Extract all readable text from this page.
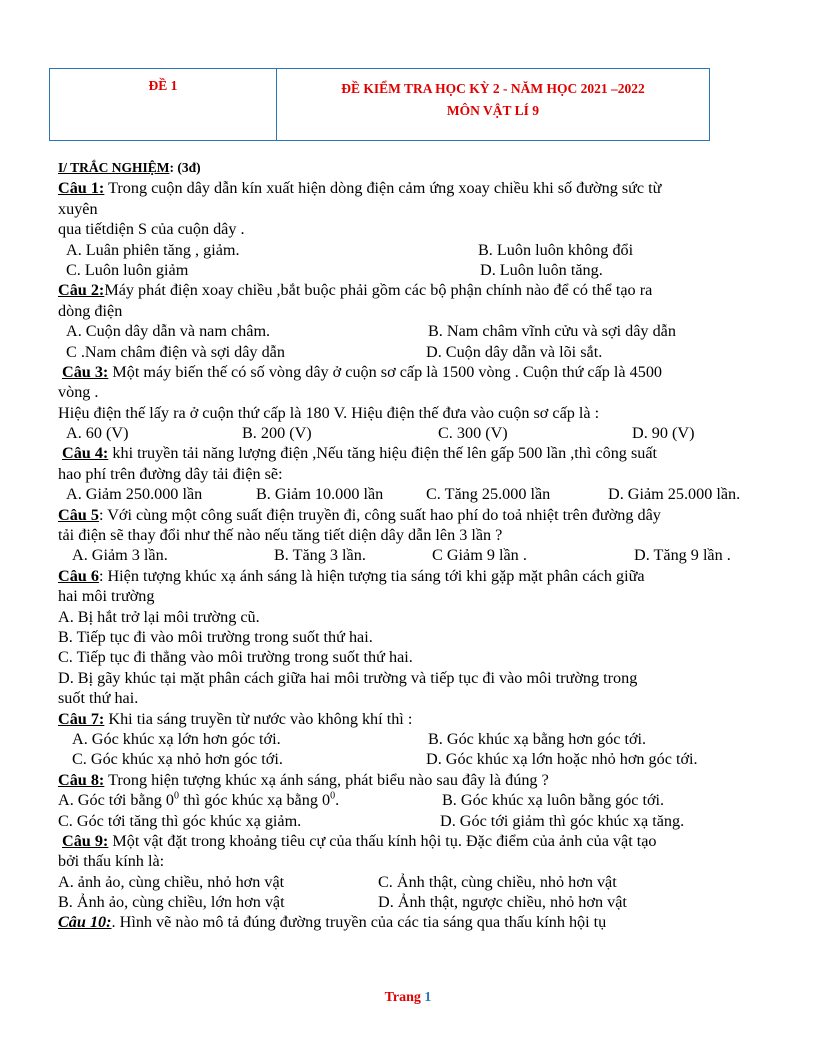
ĐỀ 1	ĐỀ KIỂM TRA HỌC KỲ 2 - NĂM HỌC 2021 –2022
MÔN VẬT LÍ 9
I/ TRẮC NGHIỆM: (3đ)
Câu 1: Trong cuộn dây dẫn kín xuất hiện dòng điện cảm ứng xoay chiều khi số đường sức từ
xuyên
qua tiếtdiện S của cuộn dây .
A. Luân phiên tăng , giảm.	B. Luôn luôn không đổi
C. Luôn luôn giảm	D. Luôn luôn tăng.
Câu 2:Máy phát điện xoay chiều ,bắt buộc phải gồm các bộ phận chính nào để có thể tạo ra
dòng điện
A. Cuộn dây dẫn và nam châm.	B. Nam châm vĩnh cửu và sợi dây dẫn
C .Nam châm điện và sợi dây dẫn	D. Cuộn dây dẫn và lõi sắt.
Câu 3: Một máy biến thế có số vòng dây ở cuộn sơ cấp là 1500 vòng . Cuộn thứ cấp là 4500
vòng .
Hiệu điện thế lấy ra ở cuộn thứ cấp là 180 V. Hiệu điện thế đưa vào cuộn sơ cấp là :
A. 60 (V)	B. 200 (V)	C. 300 (V)	D. 90 (V)
Câu 4: khi truyền tải năng lượng điện ,Nếu tăng hiệu điện thế lên gấp 500 lần ,thì công suất
hao phí trên đường dây tải điện sẽ:
A. Giảm 250.000 lần	B. Giảm 10.000 lần	C. Tăng 25.000 lần	D. Giảm 25.000 lần.
Câu 5: Với cùng một công suất điện truyền đi, công suất hao phí do toả nhiệt trên đường dây
tải điện sẽ thay đổi như thế nào nếu tăng tiết diện dây dẫn lên 3 lần ?
A. Giảm 3 lần.	B. Tăng 3 lần.	C Giảm 9 lần .	D. Tăng 9 lần .
Câu 6: Hiện tượng khúc xạ ánh sáng là hiện tượng tia sáng tới khi gặp mặt phân cách giữa
hai môi trường
A. Bị hắt trở lại môi trường cũ.
B. Tiếp tục đi vào môi trường trong suốt thứ hai.
C. Tiếp tục đi thẳng vào môi trường trong suốt thứ hai.
D. Bị gãy khúc tại mặt phân cách giữa hai môi trường và tiếp tục đi vào môi trường trong
suốt thứ hai.
Câu 7: Khi tia sáng truyền từ nước vào không khí thì :
A. Góc khúc xạ lớn hơn góc tới.	B. Góc khúc xạ bằng hơn góc tới.
C. Góc khúc xạ nhỏ hơn góc tới.	D. Góc khúc xạ lớn hoặc nhỏ hơn góc tới.
Câu 8: Trong hiện tượng khúc xạ ánh sáng, phát biểu nào sau đây là đúng ?
A. Góc tới bằng $0^0$ thì góc khúc xạ bằng $0^0$.	B. Góc khúc xạ luôn bằng góc tới.
C. Góc tới tăng thì góc khúc xạ giảm.	D. Góc tới giảm thì góc khúc xạ tăng.
Câu 9: Một vật đặt trong khoảng tiêu cự của thấu kính hội tụ. Đặc điểm của ảnh của vật tạo
bởi thấu kính là:
A. ảnh ảo, cùng chiều, nhỏ hơn vật	C. Ảnh thật, cùng chiều, nhỏ hơn vật
B. Ảnh ảo, cùng chiều, lớn hơn vật	D. Ảnh thật, ngược chiều, nhỏ hơn vật
Câu 10:. Hình vẽ nào mô tả đúng đường truyền của các tia sáng qua thấu kính hội tụ
Trang 1
